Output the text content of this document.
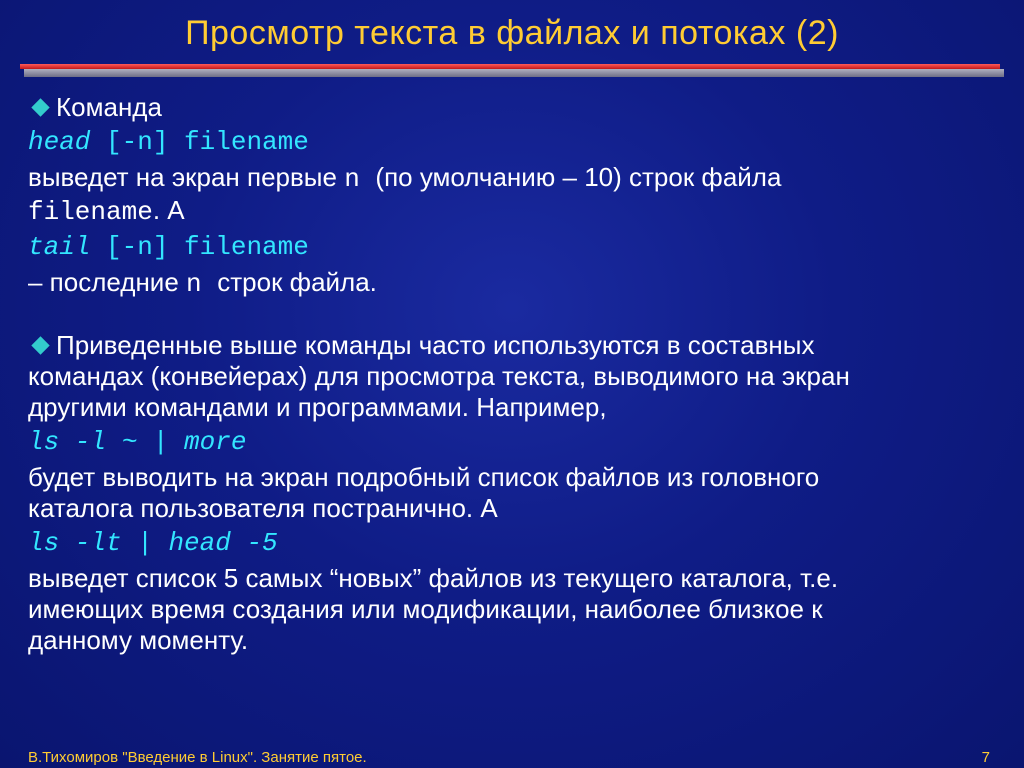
Просмотр текста в файлах и потоках (2)

Команда

head [-n] filename

выведет на экран первые n (по умолчанию – 10) строк файла
filename. А

tail [-n] filename

– последние n строк файла.

Приведенные выше команды часто используются в составных
командах (конвейерах) для просмотра текста, выводимого на экран
другими командами и программами. Например,

ls -l ~ | more

будет выводить на экран подробный список файлов из головного
каталога пользователя постранично. А

ls -lt | head -5

выведет список 5 самых “новых” файлов из текущего каталога, т.е.
имеющих время создания или модификации, наиболее близкое к
данному моменту.

В.Тихомиров "Введение в Linux". Занятие пятое.	7
